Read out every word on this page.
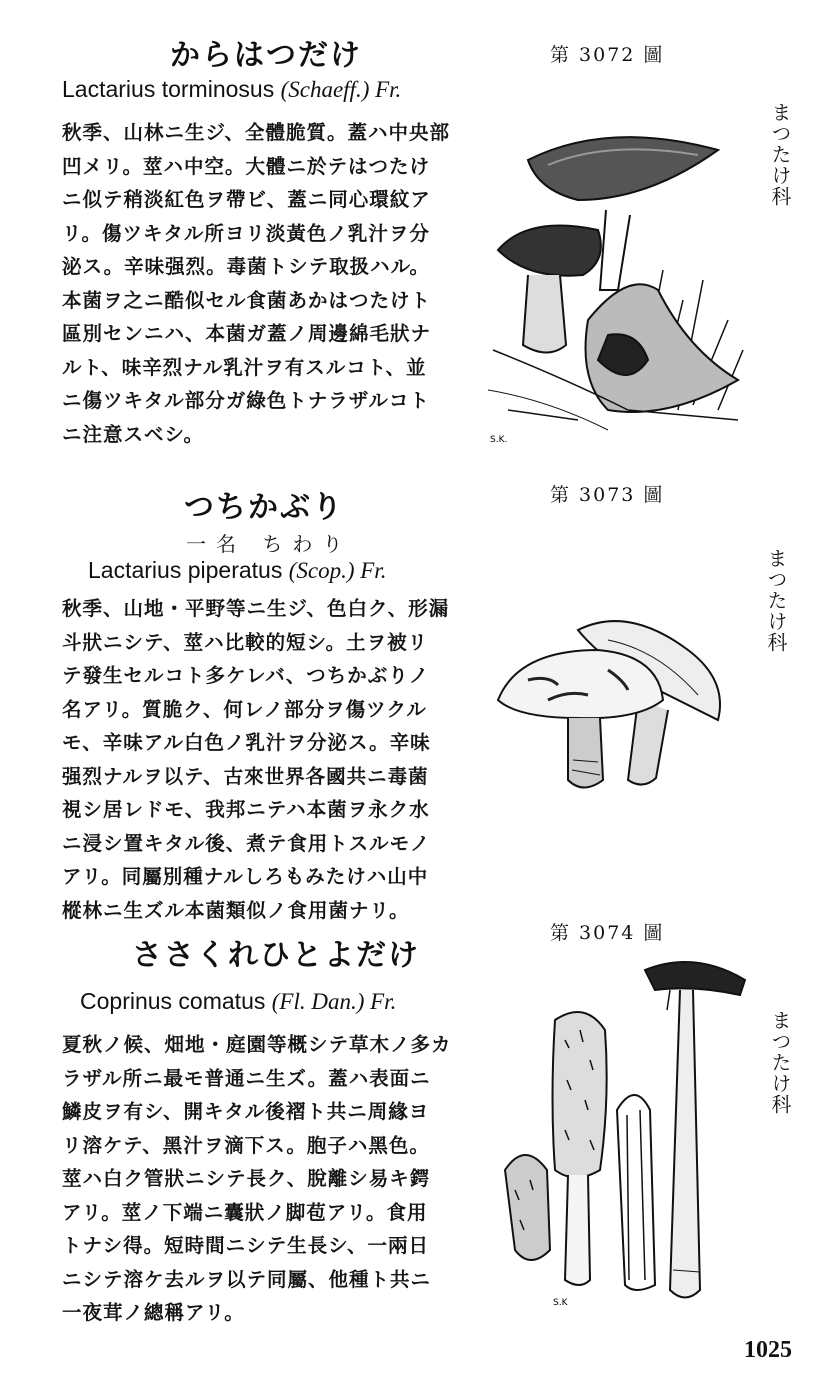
からはつだけ
Lactarius torminosus (Schaeff.) Fr.
秋季、山林ニ生ジ、全體脆質。蓋ハ中央部
凹メリ。莖ハ中空。大體ニ於テはつたけ
ニ似テ稍淡紅色ヲ帶ビ、蓋ニ同心環紋ア
リ。傷ツキタル所ヨリ淡黃色ノ乳汁ヲ分
泌ス。辛味强烈。毒菌トシテ取扱ハル。
本菌ヲ之ニ酷似セル食菌あかはつたけト
區別センニハ、本菌ガ蓋ノ周邊綿毛狀ナ
ルト、味辛烈ナル乳汁ヲ有スルコト、並
ニ傷ツキタル部分ガ綠色トナラザルコト
ニ注意スベシ。
第 3072 圖
まつたけ科
S.K.
つちかぶり
一名 ちわり
Lactarius piperatus (Scop.) Fr.
秋季、山地・平野等ニ生ジ、色白ク、形漏
斗狀ニシテ、莖ハ比較的短シ。土ヲ被リ
テ發生セルコト多ケレバ、つちかぶりノ
名アリ。質脆ク、何レノ部分ヲ傷ツクル
モ、辛味アル白色ノ乳汁ヲ分泌ス。辛味
强烈ナルヲ以テ、古來世界各國共ニ毒菌
視シ居レドモ、我邦ニテハ本菌ヲ永ク水
ニ浸シ置キタル後、煮テ食用トスルモノ
アリ。同屬別種ナルしろもみたけハ山中
樅林ニ生ズル本菌類似ノ食用菌ナリ。
第 3073 圖
まつたけ科
ささくれひとよだけ
Coprinus comatus (Fl. Dan.) Fr.
夏秋ノ候、畑地・庭園等概シテ草木ノ多カ
ラザル所ニ最モ普通ニ生ズ。蓋ハ表面ニ
鱗皮ヲ有シ、開キタル後褶ト共ニ周緣ヨ
リ溶ケテ、黑汁ヲ滴下ス。胞子ハ黑色。
莖ハ白ク管狀ニシテ長ク、脫離シ易キ鍔
アリ。莖ノ下端ニ囊狀ノ脚苞アリ。食用
トナシ得。短時間ニシテ生長シ、一兩日
ニシテ溶ケ去ルヲ以テ同屬、他種ト共ニ
一夜茸ノ總稱アリ。
第 3074 圖
まつたけ科
S.K
1025
